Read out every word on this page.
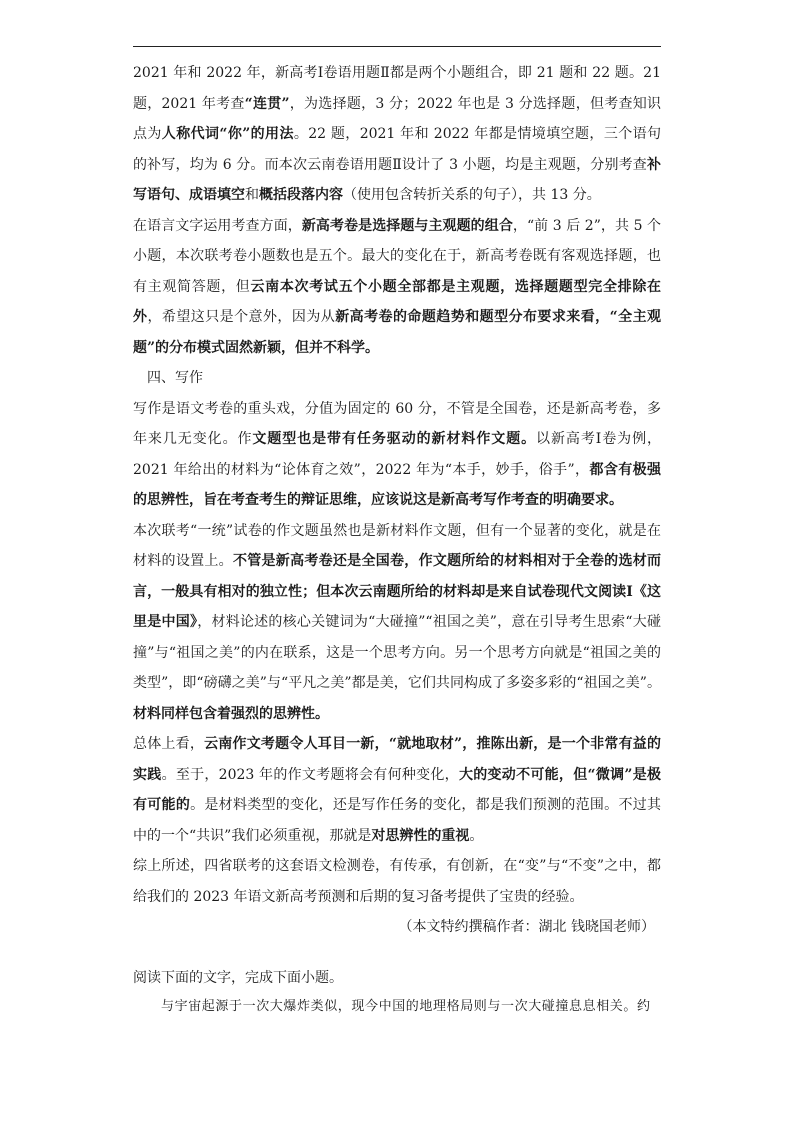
2021 年和 2022 年，新高考Ⅰ卷语用题Ⅱ都是两个小题组合，即 21 题和 22 题。21 题，2021 年考查“连贯”，为选择题，3 分；2022 年也是 3 分选择题，但考查知识点为人称代词“你”的用法。22 题，2021 年和 2022 年都是情境填空题，三个语句的补写，均为 6 分。而本次云南卷语用题Ⅱ设计了 3 小题，均是主观题，分别考查补写语句、成语填空和概括段落内容（使用包含转折关系的句子），共 13 分。

在语言文字运用考查方面，新高考卷是选择题与主观题的组合，“前 3 后 2”，共 5 个小题，本次联考卷小题数也是五个。最大的变化在于，新高考卷既有客观选择题，也有主观简答题，但云南本次考试五个小题全部都是主观题，选择题题型完全排除在外，希望这只是个意外，因为从新高考卷的命题趋势和题型分布要求来看，“全主观题”的分布模式固然新颖，但并不科学。

四、写作

写作是语文考卷的重头戏，分值为固定的 60 分，不管是全国卷，还是新高考卷，多年来几无变化。作文题型也是带有任务驱动的新材料作文题。以新高考Ⅰ卷为例，2021 年给出的材料为“论体育之效”，2022 年为“本手，妙手，俗手”，都含有极强的思辨性，旨在考查考生的辩证思维，应该说这是新高考写作考查的明确要求。

本次联考“一统”试卷的作文题虽然也是新材料作文题，但有一个显著的变化，就是在材料的设置上。不管是新高考卷还是全国卷，作文题所给的材料相对于全卷的选材而言，一般具有相对的独立性；但本次云南题所给的材料却是来自试卷现代文阅读Ⅰ《这里是中国》，材料论述的核心关键词为“大碰撞”“祖国之美”，意在引导考生思索“大碰撞”与“祖国之美”的内在联系，这是一个思考方向。另一个思考方向就是“祖国之美的类型”，即“磅礴之美”与“平凡之美”都是美，它们共同构成了多姿多彩的“祖国之美”。材料同样包含着强烈的思辨性。

总体上看，云南作文考题令人耳目一新，“就地取材”，推陈出新，是一个非常有益的实践。至于，2023 年的作文考题将会有何种变化，大的变动不可能，但“微调”是极有可能的。是材料类型的变化，还是写作任务的变化，都是我们预测的范围。不过其中的一个“共识”我们必须重视，那就是对思辨性的重视。

综上所述，四省联考的这套语文检测卷，有传承，有创新，在“变”与“不变”之中，都给我们的 2023 年语文新高考预测和后期的复习备考提供了宝贵的经验。

（本文特约撰稿作者：湖北 钱晓国老师）

阅读下面的文字，完成下面小题。

与宇宙起源于一次大爆炸类似，现今中国的地理格局则与一次大碰撞息息相关。约
